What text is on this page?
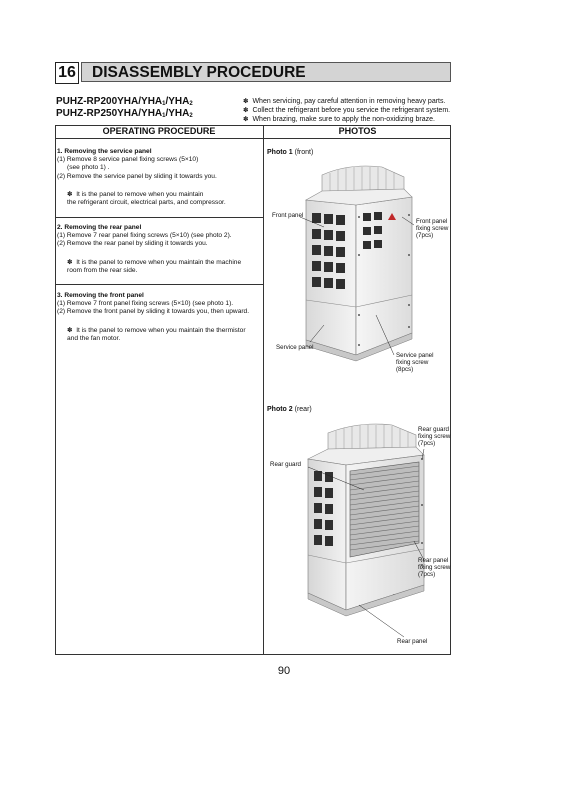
16	DISASSEMBLY PROCEDURE
PUHZ-$RP200YHA/YHA_1/YHA_2$
PUHZ-$RP250YHA/YHA_1/YHA_2$
✽ When servicing, pay careful attention in removing heavy parts.
✽ Collect the refrigerant before you service the refrigerant system.
✽ When brazing, make sure to apply the non-oxidizing braze.
OPERATING PROCEDURE	PHOTOS
1. Removing the service panel
(1) Remove 8 service panel fixing screws (5×10)
(see photo 1) .
(2) Remove the service panel by sliding it towards you.
✽ It is the panel to remove when you maintain
the refrigerant circuit, electrical parts, and compressor.
2. Removing the rear panel
(1) Remove 7 rear panel fixing screws (5×10) (see photo 2).
(2) Remove the rear panel by sliding it towards you.
✽ It is the panel to remove when you maintain the machine
room from the rear side.
3. Removing the front panel
(1) Remove 7 front panel fixing screws (5×10) (see photo 1).
(2) Remove the front panel by sliding it towards you, then upward.
✽ It is the panel to remove when you maintain the thermistor
and the fan motor.
Photo 1 (front)
Front panel
Front panel
fixing screw
(7pcs)
Service panel
Service panel
fixing screw
(8pcs)
Photo 2 (rear)
Rear guard
Rear guard
fixing screw
(7pcs)
Rear panel
fixing screw
(7pcs)
Rear panel
90
